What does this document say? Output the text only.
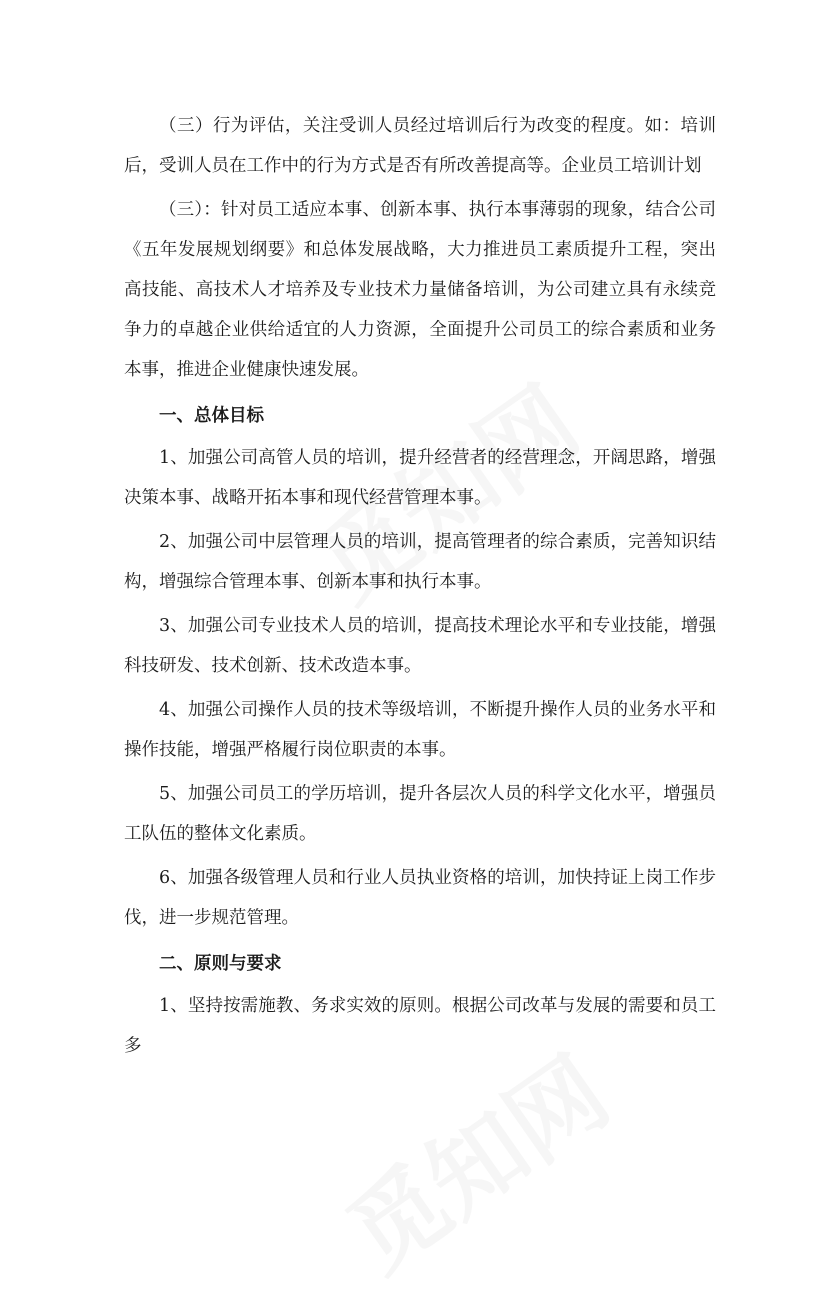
（三）行为评估，关注受训人员经过培训后行为改变的程度。如：培训后，受训人员在工作中的行为方式是否有所改善提高等。企业员工培训计划

（三）：针对员工适应本事、创新本事、执行本事薄弱的现象，结合公司《五年发展规划纲要》和总体发展战略，大力推进员工素质提升工程，突出高技能、高技术人才培养及专业技术力量储备培训，为公司建立具有永续竞争力的卓越企业供给适宜的人力资源，全面提升公司员工的综合素质和业务本事，推进企业健康快速发展。

一、总体目标

1、加强公司高管人员的培训，提升经营者的经营理念，开阔思路，增强决策本事、战略开拓本事和现代经营管理本事。

2、加强公司中层管理人员的培训，提高管理者的综合素质，完善知识结构，增强综合管理本事、创新本事和执行本事。

3、加强公司专业技术人员的培训，提高技术理论水平和专业技能，增强科技研发、技术创新、技术改造本事。

4、加强公司操作人员的技术等级培训，不断提升操作人员的业务水平和操作技能，增强严格履行岗位职责的本事。

5、加强公司员工的学历培训，提升各层次人员的科学文化水平，增强员工队伍的整体文化素质。

6、加强各级管理人员和行业人员执业资格的培训，加快持证上岗工作步伐，进一步规范管理。

二、原则与要求

1、坚持按需施教、务求实效的原则。根据公司改革与发展的需要和员工多
